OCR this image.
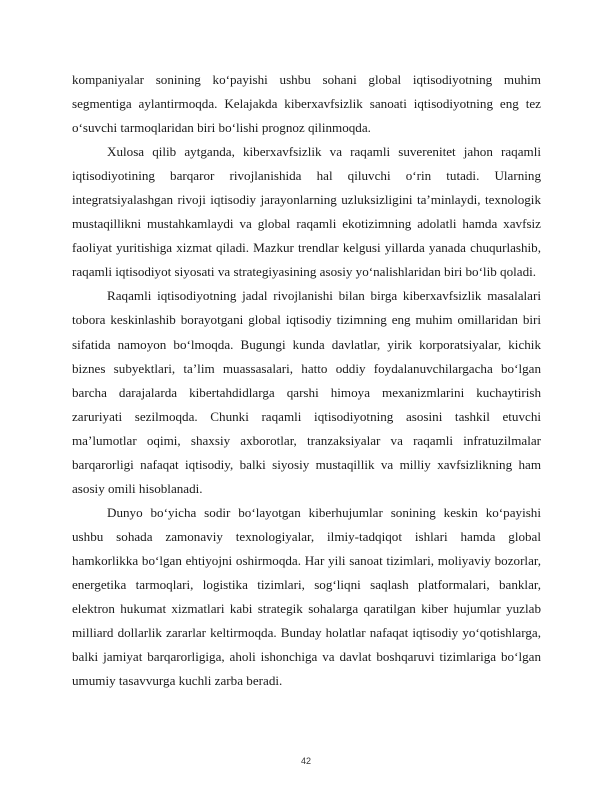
kompaniyalar sonining ko‘payishi ushbu sohani global iqtisodiyotning muhim segmentiga aylantirmoqda. Kelajakda kiberxavfsizlik sanoati iqtisodiyotning eng tez o‘suvchi tarmoqlaridan biri bo‘lishi prognoz qilinmoqda.

Xulosa qilib aytganda, kiberxavfsizlik va raqamli suverenitet jahon raqamli iqtisodiyotining barqaror rivojlanishida hal qiluvchi o‘rin tutadi. Ularning integratsiyalashgan rivoji iqtisodiy jarayonlarning uzluksizligini ta’minlaydi, texnologik mustaqillikni mustahkamlaydi va global raqamli ekotizimning adolatli hamda xavfsiz faoliyat yuritishiga xizmat qiladi. Mazkur trendlar kelgusi yillarda yanada chuqurlashib, raqamli iqtisodiyot siyosati va strategiyasining asosiy yo‘nalishlaridan biri bo‘lib qoladi.

Raqamli iqtisodiyotning jadal rivojlanishi bilan birga kiberxavfsizlik masalalari tobora keskinlashib borayotgani global iqtisodiy tizimning eng muhim omillaridan biri sifatida namoyon bo‘lmoqda. Bugungi kunda davlatlar, yirik korporatsiyalar, kichik biznes subyektlari, ta’lim muassasalari, hatto oddiy foydalanuvchilargacha bo‘lgan barcha darajalarda kibertahdidlarga qarshi himoya mexanizmlarini kuchaytirish zaruriyati sezilmoqda. Chunki raqamli iqtisodiyotning asosini tashkil etuvchi ma’lumotlar oqimi, shaxsiy axborotlar, tranzaksiyalar va raqamli infratuzilmalar barqarorligi nafaqat iqtisodiy, balki siyosiy mustaqillik va milliy xavfsizlikning ham asosiy omili hisoblanadi.

Dunyo bo‘yicha sodir bo‘layotgan kiberhujumlar sonining keskin ko‘payishi ushbu sohada zamonaviy texnologiyalar, ilmiy-tadqiqot ishlari hamda global hamkorlikka bo‘lgan ehtiyojni oshirmoqda. Har yili sanoat tizimlari, moliyaviy bozorlar, energetika tarmoqlari, logistika tizimlari, sog‘liqni saqlash platformalari, banklar, elektron hukumat xizmatlari kabi strategik sohalarga qaratilgan kiber hujumlar yuzlab milliard dollarlik zararlar keltirmoqda. Bunday holatlar nafaqat iqtisodiy yo‘qotishlarga, balki jamiyat barqarorligiga, aholi ishonchiga va davlat boshqaruvi tizimlariga bo‘lgan umumiy tasavvurga kuchli zarba beradi.

42
